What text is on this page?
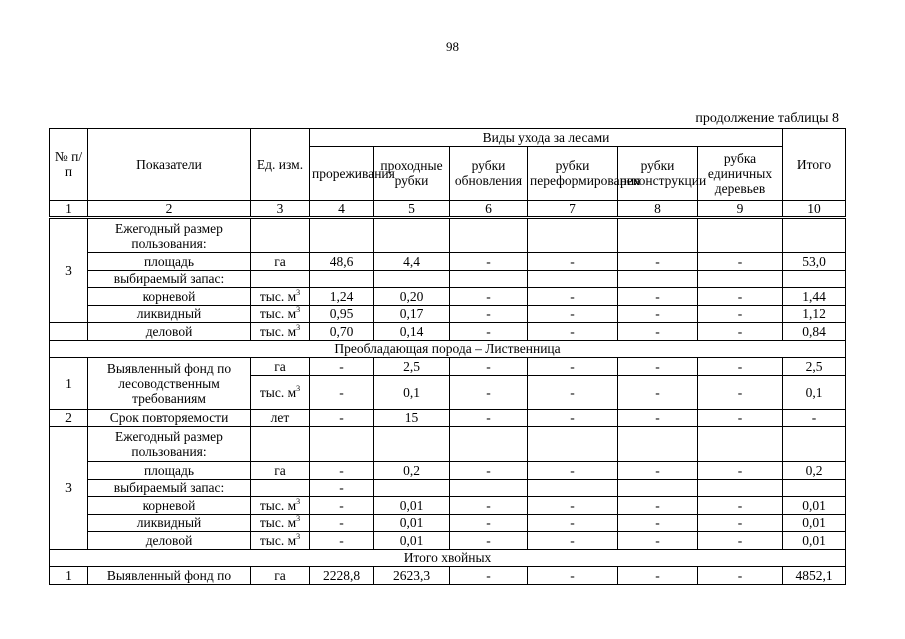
98
продолжение таблицы 8
№ п/п	Показатели	Ед. изм.	Виды ухода за лесами						Итого
			прореживания	проходные рубки	рубки обновления	рубки переформирования	рубки реконструкции	рубка единичных деревьев	
1	2	3	4	5	6	7	8	9	10
3	Ежегодный размер пользования:								

	площадь	га	48,6	4,4	-	-	-	-	53,0
	выбираемый запас:								
	корневой	тыс. $м^3$	1,24	0,20	-	-	-	-	1,44
	ликвидный	тыс. $м^3$	0,95	0,17	-	-	-	-	1,12
	деловой	тыс. $м^3$	0,70	0,14	-	-	-	-	0,84
Преобладающая порода – Лиственница									
1	Выявленный фонд по лесоводственным требованиям	га	-	2,5	-	-	-	-	2,5
		тыс. $м^3$	-	0,1	-	-	-	-	0,1
2	Срок повторяемости	лет	-	15	-	-	-	-	-
3	Ежегодный размер пользования:								

	площадь	га	-	0,2	-	-	-	-	0,2
	выбираемый запас:		-						
	корневой	тыс. $м^3$	-	0,01	-	-	-	-	0,01
	ликвидный	тыс. $м^3$	-	0,01	-	-	-	-	0,01
	деловой	тыс. $м^3$	-	0,01	-	-	-	-	0,01
Итого хвойных									
1	Выявленный фонд по	га	2228,8	2623,3	-	-	-	-	4852,1
